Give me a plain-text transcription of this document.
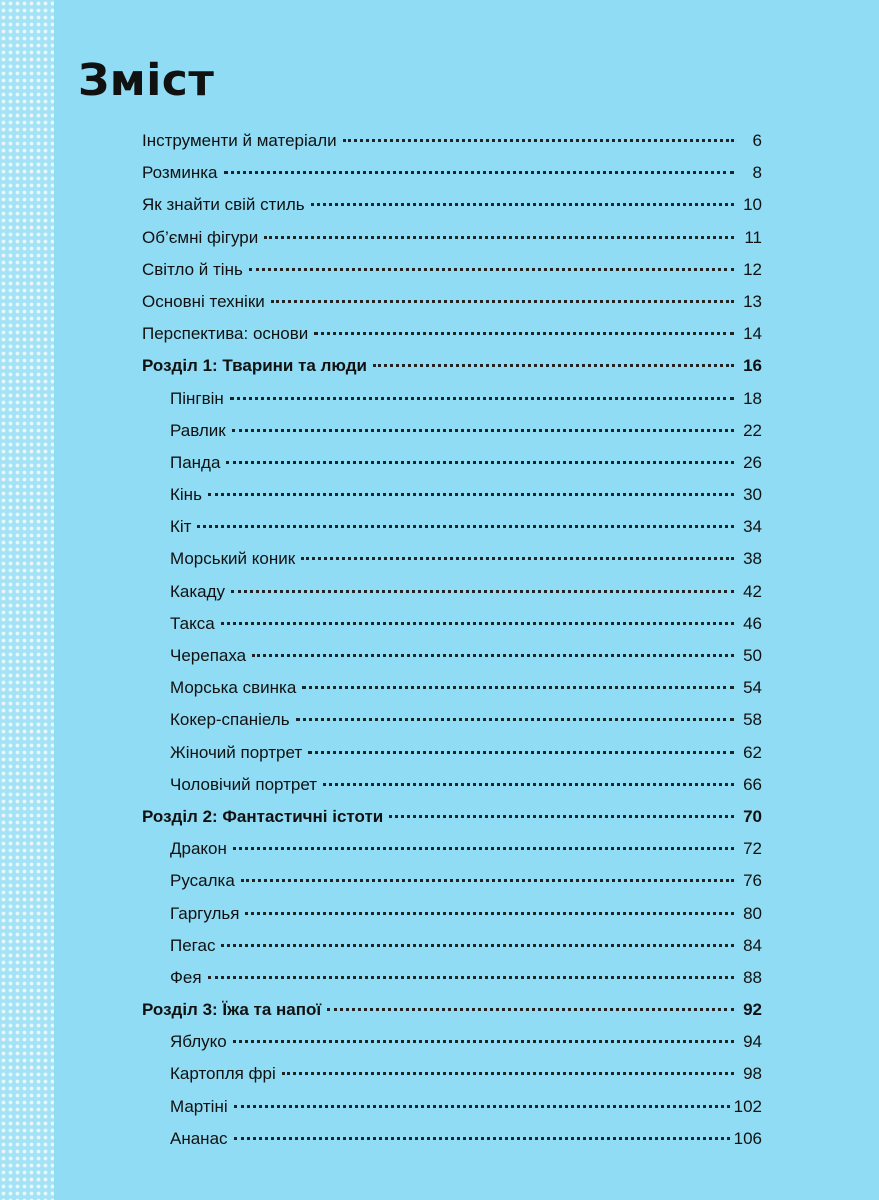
Зміст
Інструменти й матеріали	6
Розминка	8
Як знайти свій стиль	10
Об’ємні фігури	11
Світло й тінь	12
Основні техніки	13
Перспектива: основи	14
Розділ 1: Тварини та люди	16
Пінгвін	18
Равлик	22
Панда	26
Кінь	30
Кіт	34
Морський коник	38
Какаду	42
Такса	46
Черепаха	50
Морська свинка	54
Кокер-спаніель	58
Жіночий портрет	62
Чоловічий портрет	66
Розділ 2: Фантастичні істоти	70
Дракон	72
Русалка	76
Гаргулья	80
Пегас	84
Фея	88
Розділ 3: Їжа та напої	92
Яблуко	94
Картопля фрі	98
Мартіні	102
Ананас	106
